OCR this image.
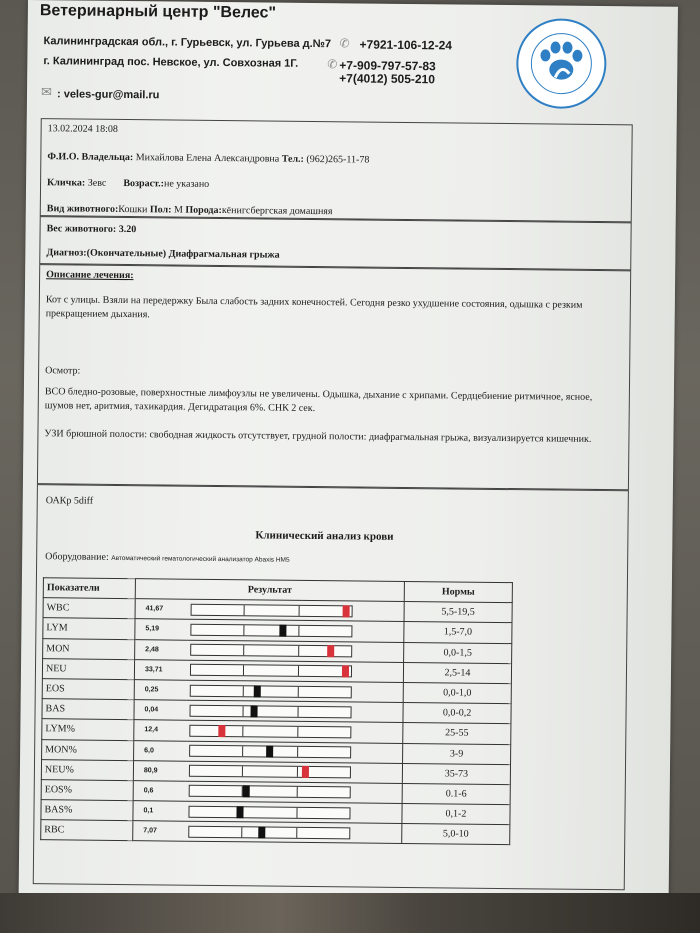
Ветеринарный центр "Велес"
Калининградская обл., г. Гурьевск, ул. Гурьева д.№7 ✆ +7921-106-12-24
г. Калининград пос. Невское, ул. Совхозная 1Г. ✆ +7-909-797-57-83
+7(4012) 505-210
✉ : veles-gur@mail.ru
13.02.2024 18:08
Ф.И.О. Владельца: Михайлова Елена Александровна Тел.: (962)265-11-78
Кличка: Зевс Возраст.:не указано
Вид животного:Кошки Пол: М Порода:кёнигсбергская домашняя
Вес животного: 3.20
Диагноз:(Окончательные) Диафрагмальная грыжа
Описание лечения:
Кот с улицы. Взяли на передержку Была слабость задних конечностей. Сегодня резко ухудшение состояния, одышка с резким прекращением дыхания.
Осмотр:
ВСО бледно-розовые, поверхностные лимфоузлы не увеличены. Одышка, дыхание с хрипами. Сердцебиение ритмичное, ясное, шумов нет, аритмия, тахикардия. Дегидратация 6%. СНК 2 сек.
УЗИ брюшной полости: свободная жидкость отсутствует, грудной полости: диафрагмальная грыжа, визуализируется кишечник.
ОАКр 5diff
Клинический анализ крови
Оборудование: Автоматический гематологический анализатор Abaxis HM5
Показатели	Результат		Нормы
WBC	41,67		5,5-19,5
LYM	5,19		1,5-7,0
MON	2,48		0,0-1,5
NEU	33,71		2,5-14
EOS	0,25		0,0-1,0
BAS	0,04		0,0-0,2
LYM%	12,4		25-55
MON%	6,0		3-9
NEU%	80,9		35-73
EOS%	0,6		0.1-6
BAS%	0,1		0,1-2
RBC	7,07		5,0-10
